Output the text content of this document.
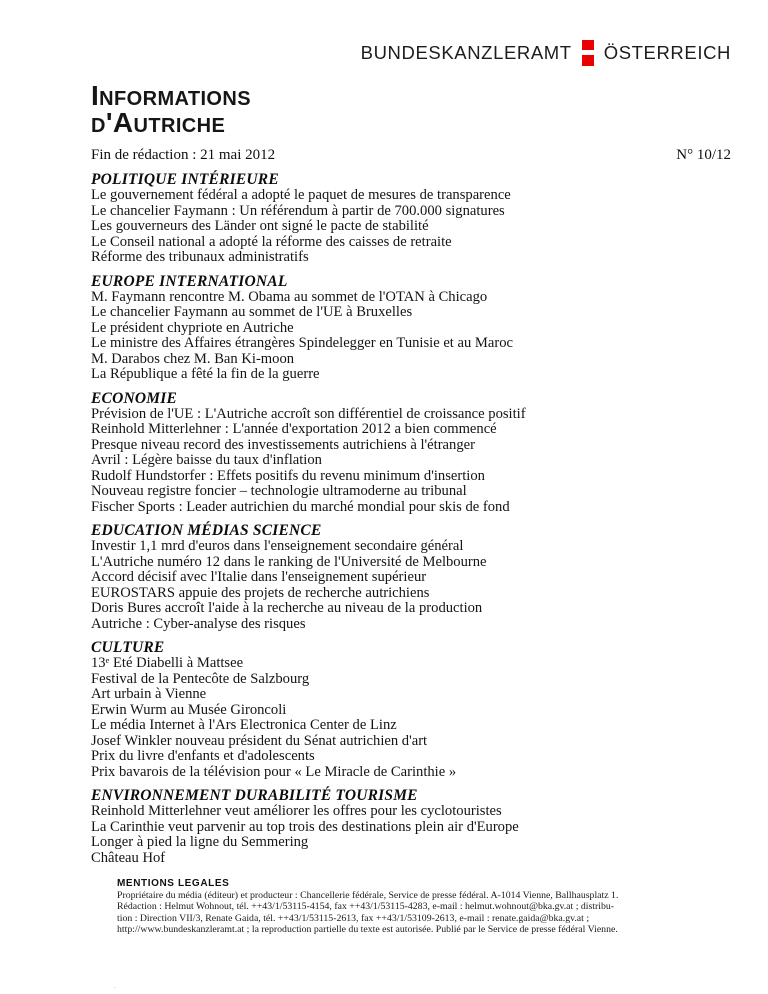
BUNDESKANZLERAMT ÖSTERREICH
Informations
d'Autriche
Fin de rédaction : 21 mai 2012	N° 10/12
POLITIQUE INTÉRIEURE
Le gouvernement fédéral a adopté le paquet de mesures de transparence
Le chancelier Faymann : Un référendum à partir de 700.000 signatures
Les gouverneurs des Länder ont signé le pacte de stabilité
Le Conseil national a adopté la réforme des caisses de retraite
Réforme des tribunaux administratifs
EUROPE INTERNATIONAL
M. Faymann rencontre M. Obama au sommet de l'OTAN à Chicago
Le chancelier Faymann au sommet de l'UE à Bruxelles
Le président chypriote en Autriche
Le ministre des Affaires étrangères Spindelegger en Tunisie et au Maroc
M. Darabos chez M. Ban Ki-moon
La République a fêté la fin de la guerre
ECONOMIE
Prévision de l'UE : L'Autriche accroît son différentiel de croissance positif
Reinhold Mitterlehner : L'année d'exportation 2012 a bien commencé
Presque niveau record des investissements autrichiens à l'étranger
Avril : Légère baisse du taux d'inflation
Rudolf Hundstorfer : Effets positifs du revenu minimum d'insertion
Nouveau registre foncier – technologie ultramoderne au tribunal
Fischer Sports : Leader autrichien du marché mondial pour skis de fond
EDUCATION MÉDIAS SCIENCE
Investir 1,1 mrd d'euros dans l'enseignement secondaire général
L'Autriche numéro 12 dans le ranking de l'Université de Melbourne
Accord décisif avec l'Italie dans l'enseignement supérieur
EUROSTARS appuie des projets de recherche autrichiens
Doris Bures accroît l'aide à la recherche au niveau de la production
Autriche : Cyber-analyse des risques
CULTURE
13ᵉ Eté Diabelli à Mattsee
Festival de la Pentecôte de Salzbourg
Art urbain à Vienne
Erwin Wurm au Musée Gironcoli
Le média Internet à l'Ars Electronica Center de Linz
Josef Winkler nouveau président du Sénat autrichien d'art
Prix du livre d'enfants et d'adolescents
Prix bavarois de la télévision pour « Le Miracle de Carinthie »
ENVIRONNEMENT DURABILITÉ TOURISME
Reinhold Mitterlehner veut améliorer les offres pour les cyclotouristes
La Carinthie veut parvenir au top trois des destinations plein air d'Europe
Longer à pied la ligne du Semmering
Château Hof
MENTIONS LEGALES
Propriétaire du média (éditeur) et producteur : Chancellerie fédérale, Service de presse fédéral. A-1014 Vienne, Ballhausplatz 1.
Rédaction : Helmut Wohnout, tél. ++43/1/53115-4154, fax ++43/1/53115-4283, e-mail : helmut.wohnout@bka.gv.at ; distribu-
tion : Direction VII/3, Renate Gaida, tél. ++43/1/53115-2613, fax ++43/1/53109-2613, e-mail : renate.gaida@bka.gv.at ;
http://www.bundeskanzleramt.at ; la reproduction partielle du texte est autorisée. Publié par le Service de presse fédéral Vienne.
.
